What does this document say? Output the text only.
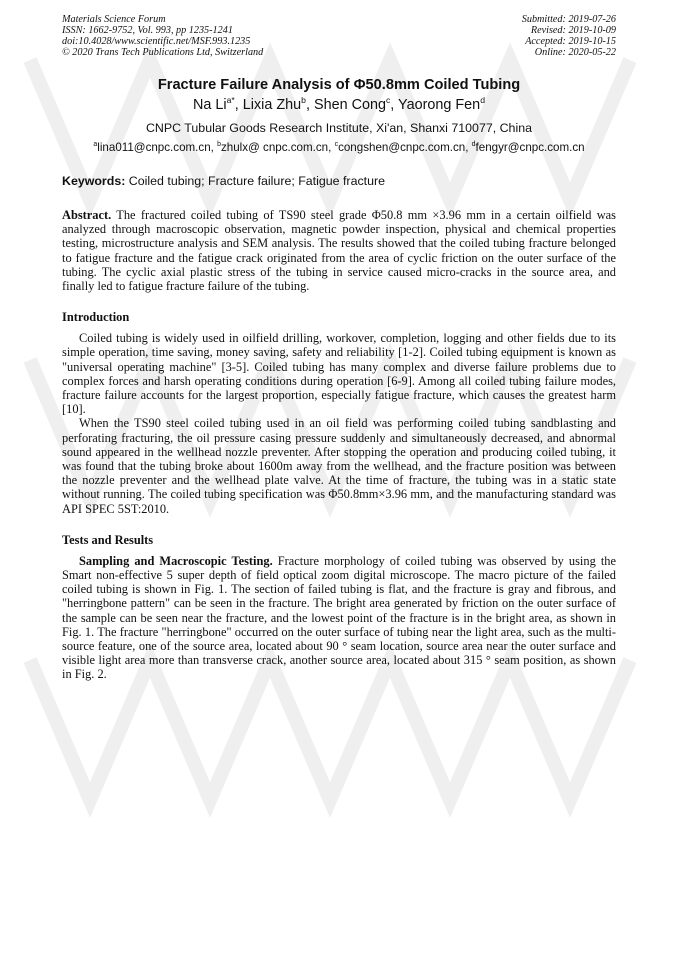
Materials Science Forum
ISSN: 1662-9752, Vol. 993, pp 1235-1241
doi:10.4028/www.scientific.net/MSF.993.1235
© 2020 Trans Tech Publications Ltd, Switzerland
Submitted: 2019-07-26
Revised: 2019-10-09
Accepted: 2019-10-15
Online: 2020-05-22
Fracture Failure Analysis of Φ50.8mm Coiled Tubing
Na $Li^{a*}$, Lixia Zhu$^b$, Shen Cong$^c$, Yaorong Fen$^d$
CNPC Tubular Goods Research Institute, Xi'an, Shanxi 710077, China
$^a$lina011@cnpc.com.cn, $^b$zhulx@ cnpc.com.cn, $^c$congshen@cnpc.com.cn, $^d$fengyr@cnpc.com.cn
Keywords: Coiled tubing; Fracture failure; Fatigue fracture

Abstract. The fractured coiled tubing of TS90 steel grade Φ50.8 mm ×3.96 mm in a certain oilfield was analyzed through macroscopic observation, magnetic powder inspection, physical and chemical properties testing, microstructure analysis and SEM analysis. The results showed that the coiled tubing fracture belonged to fatigue fracture and the fatigue crack originated from the area of cyclic friction on the outer surface of the tubing. The cyclic axial plastic stress of the tubing in service caused micro-cracks in the source area, and finally led to fatigue fracture failure of the tubing.

Introduction

Coiled tubing is widely used in oilfield drilling, workover, completion, logging and other fields due to its simple operation, time saving, money saving, safety and reliability [1-2]. Coiled tubing equipment is known as "universal operating machine" [3-5]. Coiled tubing has many complex and diverse failure problems due to complex forces and harsh operating conditions during operation [6-9]. Among all coiled tubing failure modes, fracture failure accounts for the largest proportion, especially fatigue fracture, which causes the greatest harm [10].

When the TS90 steel coiled tubing used in an oil field was performing coiled tubing sandblasting and perforating fracturing, the oil pressure casing pressure suddenly and simultaneously decreased, and abnormal sound appeared in the wellhead nozzle preventer. After stopping the operation and producing coiled tubing, it was found that the tubing broke about 1600m away from the wellhead, and the fracture position was between the nozzle preventer and the wellhead plate valve. At the time of fracture, the tubing was in a static state without running. The coiled tubing specification was Φ50.8mm×3.96 mm, and the manufacturing standard was API SPEC 5ST:2010.

Tests and Results

Sampling and Macroscopic Testing. Fracture morphology of coiled tubing was observed by using the Smart non-effective 5 super depth of field optical zoom digital microscope. The macro picture of the failed coiled tubing is shown in Fig. 1. The section of failed tubing is flat, and the fracture is gray and fibrous, and "herringbone pattern" can be seen in the fracture. The bright area generated by friction on the outer surface of the sample can be seen near the fracture, and the lowest point of the fracture is in the bright area, as shown in Fig. 1. The fracture "herringbone" occurred on the outer surface of tubing near the light area, such as the multi-source feature, one of the source area, located about 90 ° seam location, source area near the outer surface and visible light area more than transverse crack, another source area, located about 315 ° seam position, as shown in Fig. 2.
